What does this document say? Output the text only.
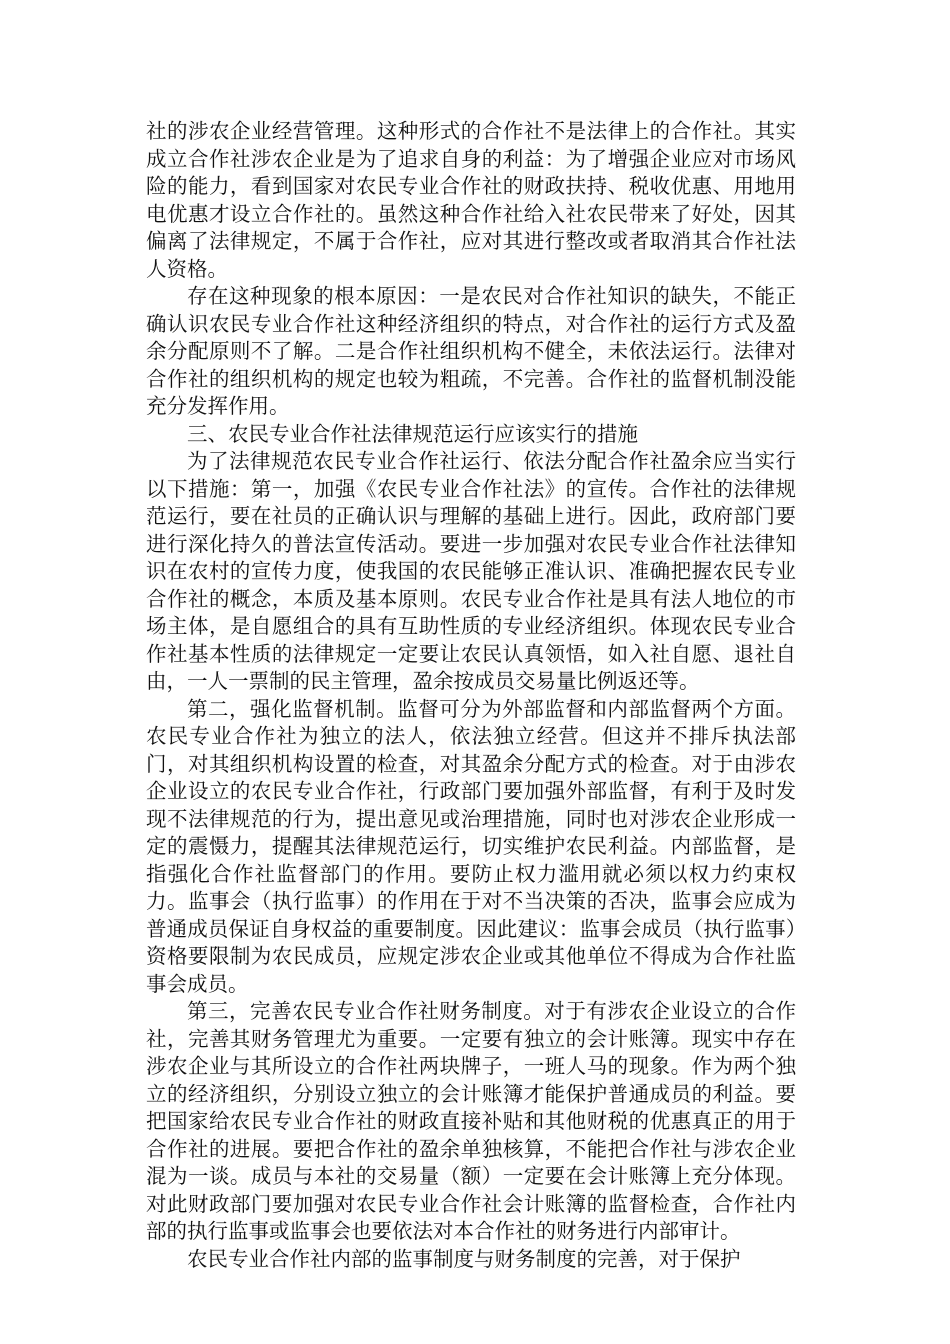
社的涉农企业经营管理。这种形式的合作社不是法律上的合作社。其实成立合作社涉农企业是为了追求自身的利益：为了增强企业应对市场风险的能力，看到国家对农民专业合作社的财政扶持、税收优惠、用地用电优惠才设立合作社的。虽然这种合作社给入社农民带来了好处，因其偏离了法律规定，不属于合作社，应对其进行整改或者取消其合作社法人资格。

存在这种现象的根本原因：一是农民对合作社知识的缺失，不能正确认识农民专业合作社这种经济组织的特点，对合作社的运行方式及盈余分配原则不了解。二是合作社组织机构不健全，未依法运行。法律对合作社的组织机构的规定也较为粗疏，不完善。合作社的监督机制没能充分发挥作用。

三、农民专业合作社法律规范运行应该实行的措施

为了法律规范农民专业合作社运行、依法分配合作社盈余应当实行以下措施：第一，加强《农民专业合作社法》的宣传。合作社的法律规范运行，要在社员的正确认识与理解的基础上进行。因此，政府部门要进行深化持久的普法宣传活动。要进一步加强对农民专业合作社法律知识在农村的宣传力度，使我国的农民能够正准认识、准确把握农民专业合作社的概念，本质及基本原则。农民专业合作社是具有法人地位的市场主体，是自愿组合的具有互助性质的专业经济组织。体现农民专业合作社基本性质的法律规定一定要让农民认真领悟，如入社自愿、退社自由，一人一票制的民主管理，盈余按成员交易量比例返还等。

第二，强化监督机制。监督可分为外部监督和内部监督两个方面。农民专业合作社为独立的法人，依法独立经营。但这并不排斥执法部门，对其组织机构设置的检查，对其盈余分配方式的检查。对于由涉农企业设立的农民专业合作社，行政部门要加强外部监督，有利于及时发现不法律规范的行为，提出意见或治理措施，同时也对涉农企业形成一定的震慑力，提醒其法律规范运行，切实维护农民利益。内部监督，是指强化合作社监督部门的作用。要防止权力滥用就必须以权力约束权力。监事会（执行监事）的作用在于对不当决策的否决，监事会应成为普通成员保证自身权益的重要制度。因此建议：监事会成员（执行监事）资格要限制为农民成员，应规定涉农企业或其他单位不得成为合作社监事会成员。

第三，完善农民专业合作社财务制度。对于有涉农企业设立的合作社，完善其财务管理尤为重要。一定要有独立的会计账簿。现实中存在涉农企业与其所设立的合作社两块牌子，一班人马的现象。作为两个独立的经济组织，分别设立独立的会计账簿才能保护普通成员的利益。要把国家给农民专业合作社的财政直接补贴和其他财税的优惠真正的用于合作社的进展。要把合作社的盈余单独核算，不能把合作社与涉农企业混为一谈。成员与本社的交易量（额）一定要在会计账簿上充分体现。对此财政部门要加强对农民专业合作社会计账簿的监督检查，合作社内部的执行监事或监事会也要依法对本合作社的财务进行内部审计。

农民专业合作社内部的监事制度与财务制度的完善，对于保护
